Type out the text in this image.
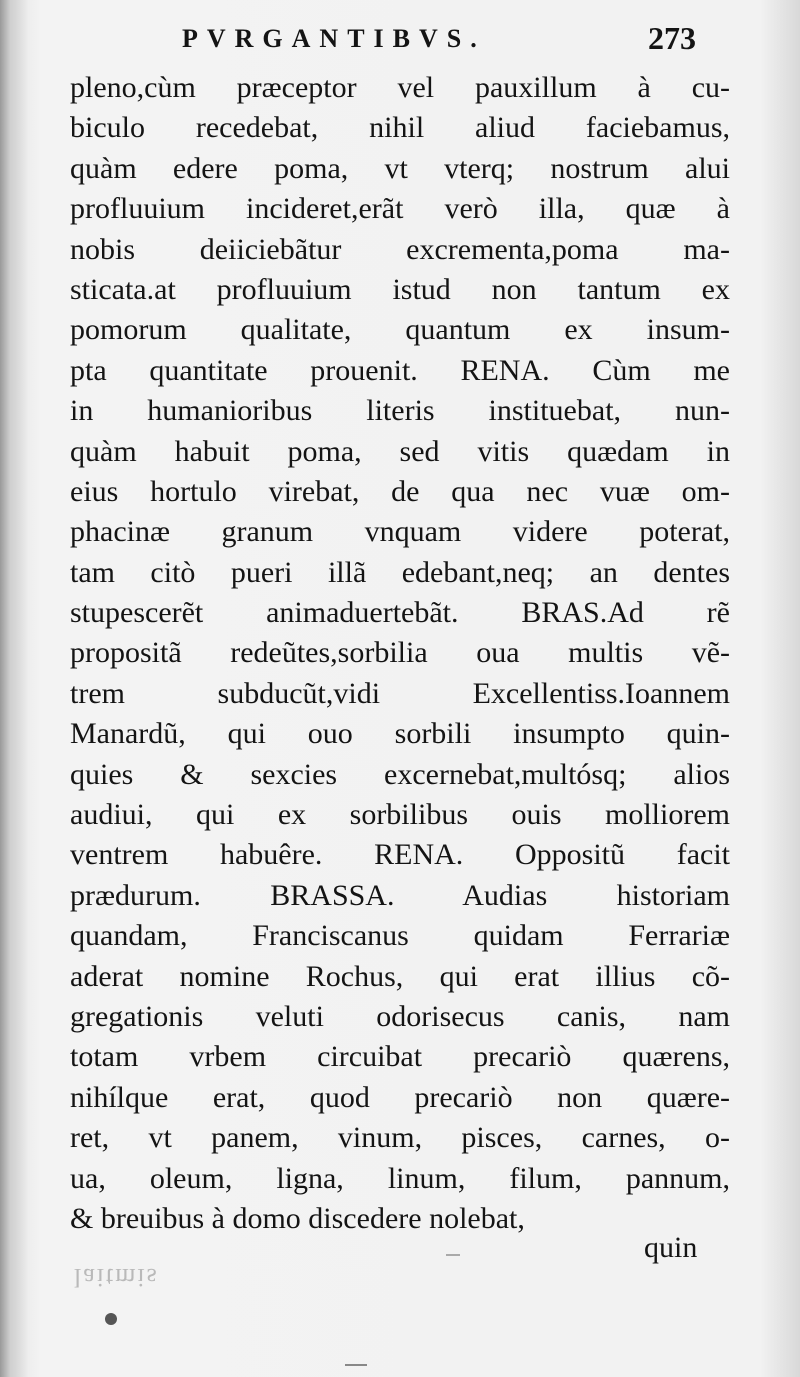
PVRGANTIBVS.	273
pleno,cùm præceptor vel pauxillum à cu-
biculo recedebat, nihil aliud faciebamus,
quàm edere poma, vt vterq; nostrum alui
profluuium incideret,erãt verò illa, quæ à
nobis deiiciebãtur excrementa,poma ma-
sticata.at profluuium istud non tantum ex
pomorum qualitate, quantum ex insum-
pta quantitate prouenit. RENA. Cùm me
in humanioribus literis instituebat, nun-
quàm habuit poma, sed vitis quædam in
eius hortulo virebat, de qua nec vuæ om-
phacinæ granum vnquam videre poterat,
tam citò pueri illã edebant,neq; an dentes
stupescerẽt animaduertebãt. BRAS.Ad rẽ
propositã redeũtes,sorbilia oua multis vẽ-
trem subducũt,vidi Excellentiss.Ioannem
Manardũ, qui ouo sorbili insumpto quin-
quies & sexcies excernebat,multósq; alios
audiui, qui ex sorbilibus ouis molliorem
ventrem habuêre. RENA. Oppositũ facit
prædurum. BRASSA. Audias historiam
quandam, Franciscanus quidam Ferrariæ
aderat nomine Rochus, qui erat illius cõ-
gregationis veluti odorisecus canis, nam
totam vrbem circuibat precariò quærens,
nihílque erat, quod precariò non quære-
ret, vt panem, vinum, pisces, carnes, o-
ua, oleum, ligna, linum, filum, pannum,
& breuibus à domo discedere nolebat,
quin
laitmis
